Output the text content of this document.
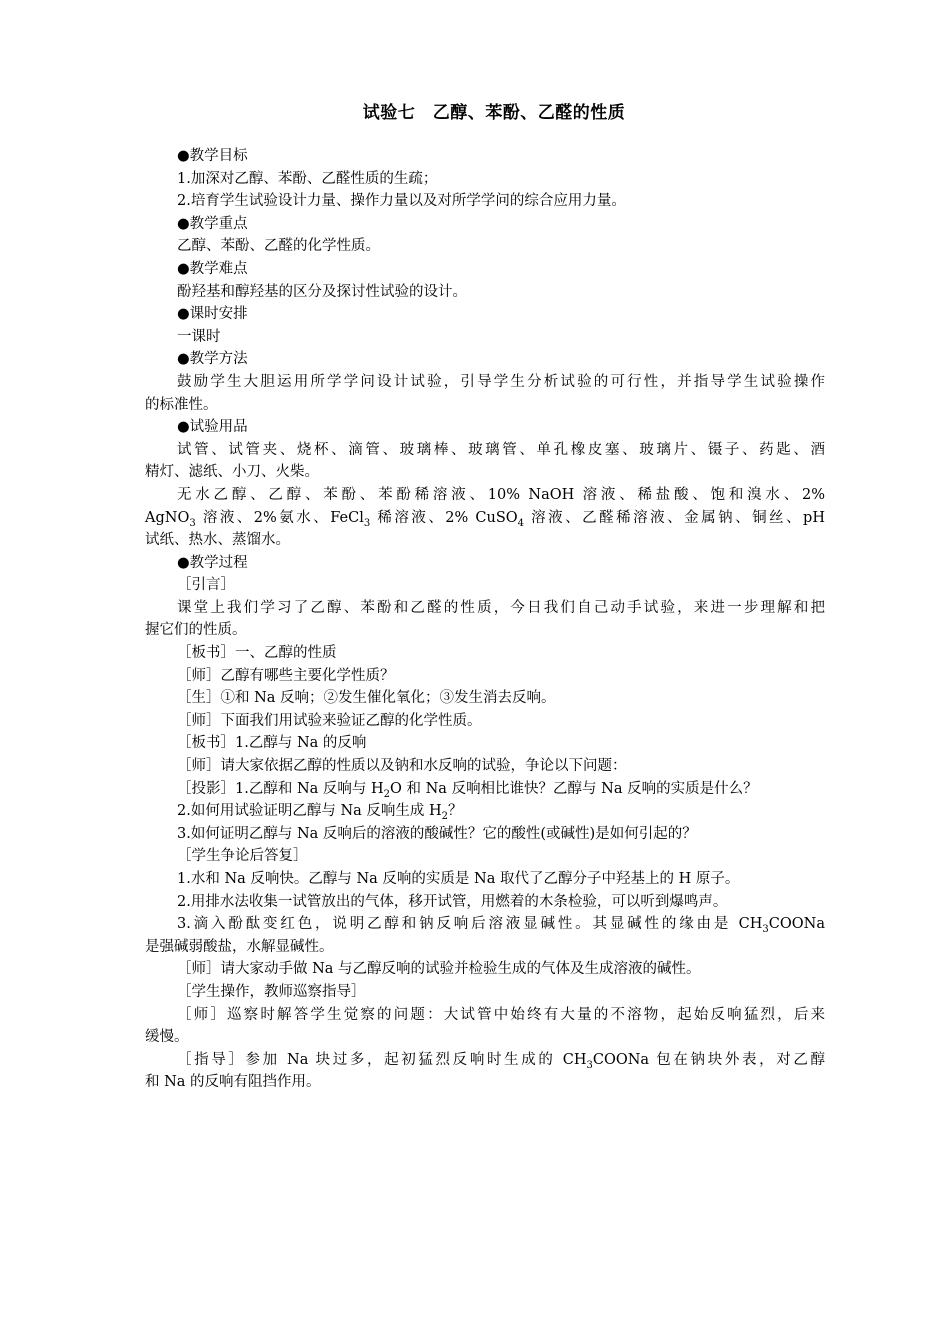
试验七　乙醇、苯酚、乙醛的性质

●教学目标

1.加深对乙醇、苯酚、乙醛性质的生疏；

2.培育学生试验设计力量、操作力量以及对所学学问的综合应用力量。

●教学重点

乙醇、苯酚、乙醛的化学性质。

●教学难点

酚羟基和醇羟基的区分及探讨性试验的设计。

●课时安排

一课时

●教学方法

鼓励学生大胆运用所学学问设计试验，引导学生分析试验的可行性，并指导学生试验操作

的标准性。

●试验用品

试管、试管夹、烧杯、滴管、玻璃棒、玻璃管、单孔橡皮塞、玻璃片、镊子、药匙、酒

精灯、滤纸、小刀、火柴。

无水乙醇、乙醇、苯酚、苯酚稀溶液、10% NaOH 溶液、稀盐酸、饱和溴水、2%

AgNO$_3$ 溶液、2%氨水、FeCl$_3$ 稀溶液、2% CuSO$_4$ 溶液、乙醛稀溶液、金属钠、铜丝、pH

试纸、热水、蒸馏水。

●教学过程

［引言］

课堂上我们学习了乙醇、苯酚和乙醛的性质，今日我们自己动手试验，来进一步理解和把

握它们的性质。

［板书］一、乙醇的性质

［师］乙醇有哪些主要化学性质？

［生］①和 Na 反响；②发生催化氧化；③发生消去反响。

［师］下面我们用试验来验证乙醇的化学性质。

［板书］1.乙醇与 Na 的反响

［师］请大家依据乙醇的性质以及钠和水反响的试验，争论以下问题：

［投影］1.乙醇和 Na 反响与 $H_2O$ 和 Na 反响相比谁快？乙醇与 Na 反响的实质是什么？

2.如何用试验证明乙醇与 Na 反响生成 $H_2$？

3.如何证明乙醇与 Na 反响后的溶液的酸碱性？它的酸性(或碱性)是如何引起的？

［学生争论后答复］

1.水和 Na 反响快。乙醇与 Na 反响的实质是 Na 取代了乙醇分子中羟基上的 H 原子。

2.用排水法收集一试管放出的气体，移开试管，用燃着的木条检验，可以听到爆鸣声。

3.滴入酚酞变红色，说明乙醇和钠反响后溶液显碱性。其显碱性的缘由是 $CH_3COONa$

是强碱弱酸盐，水解显碱性。

［师］请大家动手做 Na 与乙醇反响的试验并检验生成的气体及生成溶液的碱性。

［学生操作，教师巡察指导］

［师］巡察时解答学生觉察的问题：大试管中始终有大量的不溶物，起始反响猛烈，后来

缓慢。

［指导］参加 Na 块过多，起初猛烈反响时生成的 $CH_3COONa$ 包在钠块外表，对乙醇

和 Na 的反响有阻挡作用。
